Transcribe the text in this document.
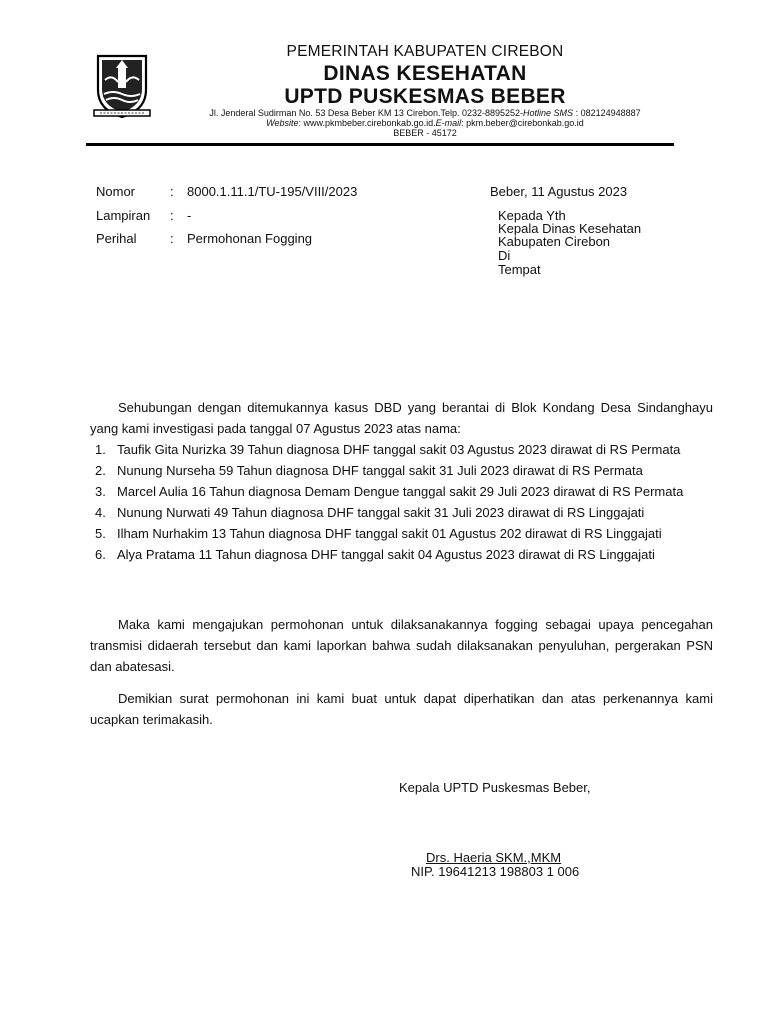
PEMERINTAH KABUPATEN CIREBON
DINAS KESEHATAN
UPTD PUSKESMAS BEBER
Jl. Jenderal Sudirman No. 53 Desa Beber KM 13 Cirebon.Telp. 0232-8895252-Hotline SMS : 082124948887
Website: www.pkmbeber.cirebonkab.go.id.E-mail: pkm.beber@cirebonkab.go.id
BEBER - 45172
Nomor	: 8000.1.11.1/TU-195/VIII/2023
Lampiran : -
Perihal	: Permohonan Fogging
Beber, 11 Agustus 2023
Kepada Yth
Kepala Dinas Kesehatan
Kabupaten Cirebon
Di
Tempat
Sehubungan dengan ditemukannya kasus DBD yang berantai di Blok Kondang Desa Sindanghayu yang kami investigasi pada tanggal 07 Agustus 2023 atas nama:
1. Taufik Gita Nurizka 39 Tahun diagnosa DHF tanggal sakit 03 Agustus 2023 dirawat di RS Permata
2. Nunung Nurseha 59 Tahun diagnosa DHF tanggal sakit 31 Juli 2023 dirawat di RS Permata
3. Marcel Aulia 16 Tahun diagnosa Demam Dengue tanggal sakit 29 Juli 2023 dirawat di RS Permata
4. Nunung Nurwati 49 Tahun diagnosa DHF tanggal sakit 31 Juli 2023 dirawat di RS Linggajati
5. Ilham Nurhakim 13 Tahun diagnosa DHF tanggal sakit 01 Agustus 202 dirawat di RS Linggajati
6. Alya Pratama 11 Tahun diagnosa DHF tanggal sakit 04 Agustus 2023 dirawat di RS Linggajati
Maka kami mengajukan permohonan untuk dilaksanakannya fogging sebagai upaya pencegahan transmisi didaerah tersebut dan kami laporkan bahwa sudah dilaksanakan penyuluhan, pergerakan PSN dan abatesasi.
Demikian surat permohonan ini kami buat untuk dapat diperhatikan dan atas perkenannya kami ucapkan terimakasih.
Kepala UPTD Puskesmas Beber,
Drs. Haeria SKM.,MKM
NIP. 19641213 198803 1 006
